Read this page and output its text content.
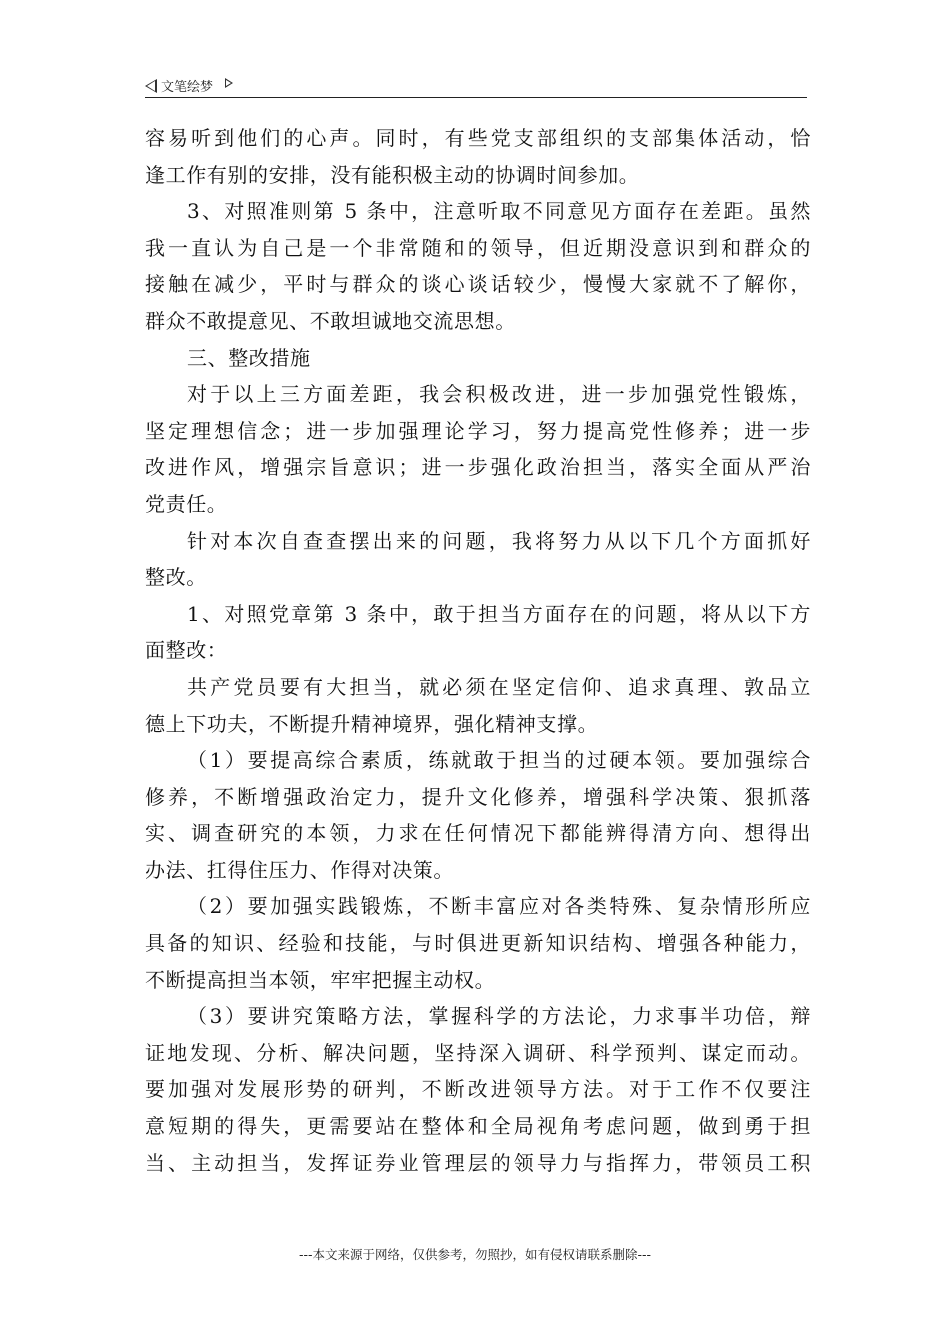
文笔绘梦
容易听到他们的心声。同时，有些党支部组织的支部集体活动，恰
逢工作有别的安排，没有能积极主动的协调时间参加。
3、对照准则第 5 条中，注意听取不同意见方面存在差距。虽然
我一直认为自己是一个非常随和的领导，但近期没意识到和群众的
接触在减少，平时与群众的谈心谈话较少，慢慢大家就不了解你，
群众不敢提意见、不敢坦诚地交流思想。
三、整改措施
对于以上三方面差距，我会积极改进，进一步加强党性锻炼，
坚定理想信念；进一步加强理论学习，努力提高党性修养；进一步
改进作风，增强宗旨意识；进一步强化政治担当，落实全面从严治
党责任。
针对本次自查查摆出来的问题，我将努力从以下几个方面抓好
整改。
1、对照党章第 3 条中，敢于担当方面存在的问题，将从以下方
面整改：
共产党员要有大担当，就必须在坚定信仰、追求真理、敦品立
德上下功夫，不断提升精神境界，强化精神支撑。
（1）要提高综合素质，练就敢于担当的过硬本领。要加强综合
修养，不断增强政治定力，提升文化修养，增强科学决策、狠抓落
实、调查研究的本领，力求在任何情况下都能辨得清方向、想得出
办法、扛得住压力、作得对决策。
（2）要加强实践锻炼，不断丰富应对各类特殊、复杂情形所应
具备的知识、经验和技能，与时俱进更新知识结构、增强各种能力，
不断提高担当本领，牢牢把握主动权。
（3）要讲究策略方法，掌握科学的方法论，力求事半功倍，辩
证地发现、分析、解决问题，坚持深入调研、科学预判、谋定而动。
要加强对发展形势的研判，不断改进领导方法。对于工作不仅要注
意短期的得失，更需要站在整体和全局视角考虑问题，做到勇于担
当、主动担当，发挥证券业管理层的领导力与指挥力，带领员工积
---本文来源于网络，仅供参考，勿照抄，如有侵权请联系删除---
